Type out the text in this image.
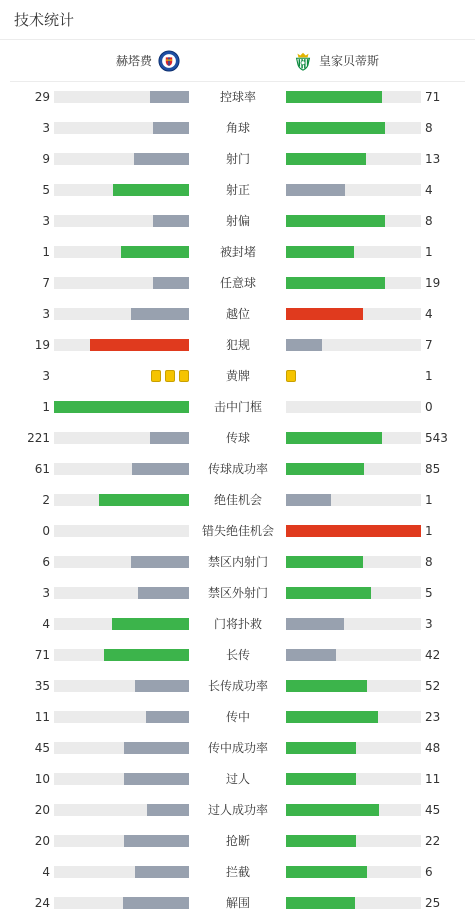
技术统计
赫塔费	皇家贝蒂斯
29	控球率	71
3	角球	8
9	射门	13
5	射正	4
3	射偏	8
1	被封堵	1
7	任意球	19
3	越位	4
19	犯规	7
3	黄牌	1
1	击中门框	0
221	传球	543
61	传球成功率	85
2	绝佳机会	1
0	错失绝佳机会	1
6	禁区内射门	8
3	禁区外射门	5
4	门将扑救	3
71	长传	42
35	长传成功率	52
11	传中	23
45	传中成功率	48
10	过人	11
20	过人成功率	45
20	抢断	22
4	拦截	6
24	解围	25
